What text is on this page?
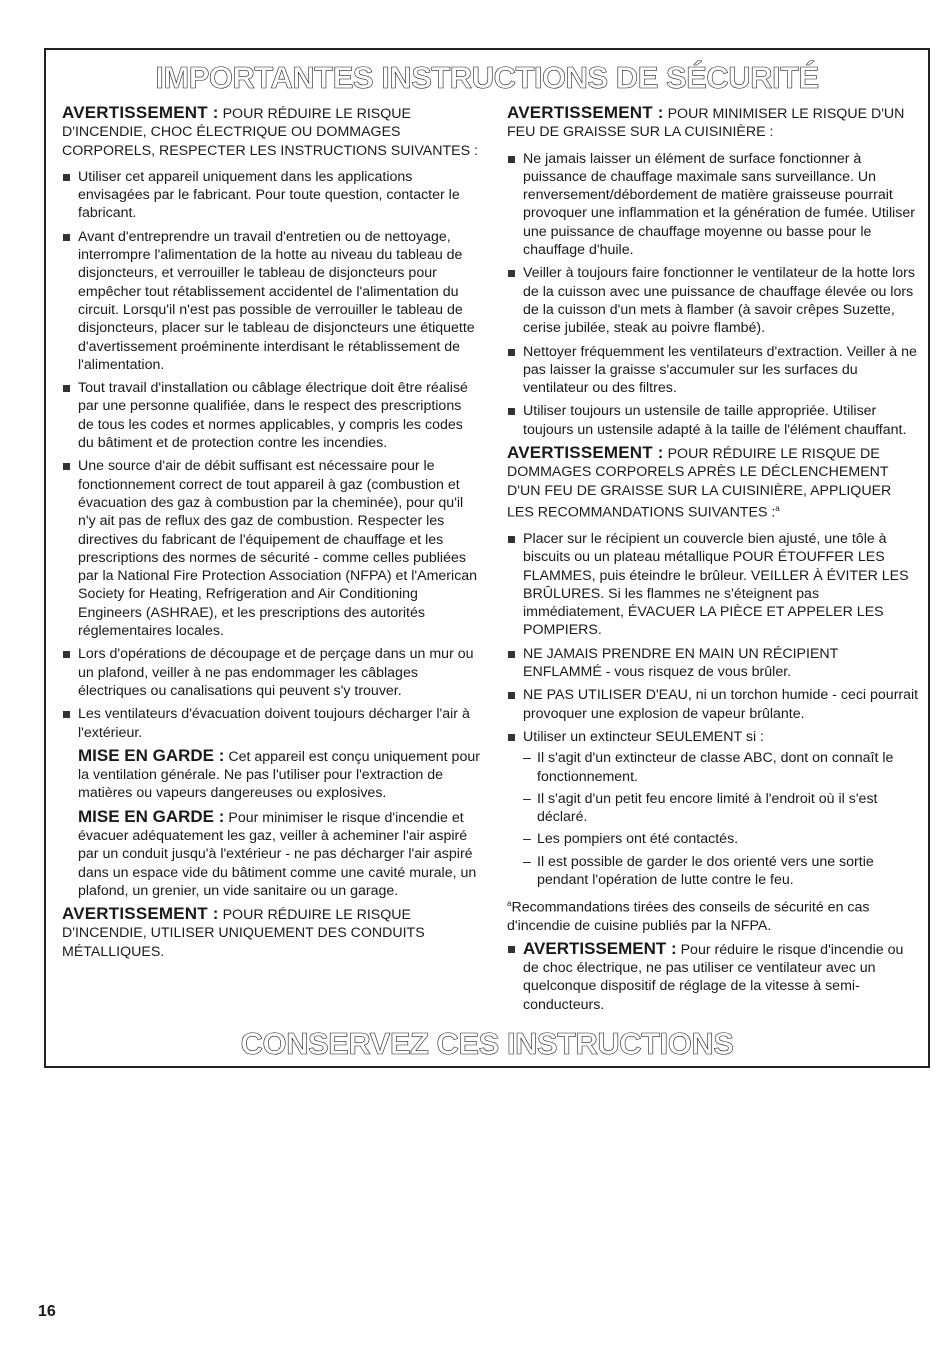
IMPORTANTES INSTRUCTIONS DE SÉCURITÉ
AVERTISSEMENT : POUR RÉDUIRE LE RISQUE D'INCENDIE, CHOC ÉLECTRIQUE OU DOMMAGES CORPORELS, RESPECTER LES INSTRUCTIONS SUIVANTES :
Utiliser cet appareil uniquement dans les applications envisagées par le fabricant. Pour toute question, contacter le fabricant.
Avant d'entreprendre un travail d'entretien ou de nettoyage, interrompre l'alimentation de la hotte au niveau du tableau de disjoncteurs, et verrouiller le tableau de disjoncteurs pour empêcher tout rétablissement accidentel de l'alimentation du circuit. Lorsqu'il n'est pas possible de verrouiller le tableau de disjoncteurs, placer sur le tableau de disjoncteurs une étiquette d'avertissement proéminente interdisant le rétablissement de l'alimentation.
Tout travail d'installation ou câblage électrique doit être réalisé par une personne qualifiée, dans le respect des prescriptions de tous les codes et normes applicables, y compris les codes du bâtiment et de protection contre les incendies.
Une source d'air de débit suffisant est nécessaire pour le fonctionnement correct de tout appareil à gaz (combustion et évacuation des gaz à combustion par la cheminée), pour qu'il n'y ait pas de reflux des gaz de combustion. Respecter les directives du fabricant de l'équipement de chauffage et les prescriptions des normes de sécurité - comme celles publiées par la National Fire Protection Association (NFPA) et l'American Society for Heating, Refrigeration and Air Conditioning Engineers (ASHRAE), et les prescriptions des autorités réglementaires locales.
Lors d'opérations de découpage et de perçage dans un mur ou un plafond, veiller à ne pas endommager les câblages électriques ou canalisations qui peuvent s'y trouver.
Les ventilateurs d'évacuation doivent toujours décharger l'air à l'extérieur.
MISE EN GARDE : Cet appareil est conçu uniquement pour la ventilation générale. Ne pas l'utiliser pour l'extraction de matières ou vapeurs dangereuses ou explosives.
MISE EN GARDE : Pour minimiser le risque d'incendie et évacuer adéquatement les gaz, veiller à acheminer l'air aspiré par un conduit jusqu'à l'extérieur - ne pas décharger l'air aspiré dans un espace vide du bâtiment comme une cavité murale, un plafond, un grenier, un vide sanitaire ou un garage.
AVERTISSEMENT : POUR RÉDUIRE LE RISQUE D'INCENDIE, UTILISER UNIQUEMENT DES CONDUITS MÉTALLIQUES.
AVERTISSEMENT : POUR MINIMISER LE RISQUE D'UN FEU DE GRAISSE SUR LA CUISINIÈRE :
Ne jamais laisser un élément de surface fonctionner à puissance de chauffage maximale sans surveillance. Un renversement/débordement de matière graisseuse pourrait provoquer une inflammation et la génération de fumée. Utiliser une puissance de chauffage moyenne ou basse pour le chauffage d'huile.
Veiller à toujours faire fonctionner le ventilateur de la hotte lors de la cuisson avec une puissance de chauffage élevée ou lors de la cuisson d'un mets à flamber (à savoir crêpes Suzette, cerise jubilée, steak au poivre flambé).
Nettoyer fréquemment les ventilateurs d'extraction. Veiller à ne pas laisser la graisse s'accumuler sur les surfaces du ventilateur ou des filtres.
Utiliser toujours un ustensile de taille appropriée. Utiliser toujours un ustensile adapté à la taille de l'élément chauffant.
AVERTISSEMENT : POUR RÉDUIRE LE RISQUE DE DOMMAGES CORPORELS APRÈS LE DÉCLENCHEMENT D'UN FEU DE GRAISSE SUR LA CUISINIÈRE, APPLIQUER LES RECOMMANDATIONS SUIVANTES :$^a$
Placer sur le récipient un couvercle bien ajusté, une tôle à biscuits ou un plateau métallique POUR ÉTOUFFER LES FLAMMES, puis éteindre le brûleur. VEILLER À ÉVITER LES BRÛLURES. Si les flammes ne s'éteignent pas immédiatement, ÉVACUER LA PIÈCE ET APPELER LES POMPIERS.
NE JAMAIS PRENDRE EN MAIN UN RÉCIPIENT ENFLAMMÉ - vous risquez de vous brûler.
NE PAS UTILISER D'EAU, ni un torchon humide - ceci pourrait provoquer une explosion de vapeur brûlante.
Utiliser un extincteur SEULEMENT si :
– Il s'agit d'un extincteur de classe ABC, dont on connaît le fonctionnement.
– Il s'agit d'un petit feu encore limité à l'endroit où il s'est déclaré.
– Les pompiers ont été contactés.
– Il est possible de garder le dos orienté vers une sortie pendant l'opération de lutte contre le feu.
$^a$Recommandations tirées des conseils de sécurité en cas d'incendie de cuisine publiés par la NFPA.
AVERTISSEMENT : Pour réduire le risque d'incendie ou de choc électrique, ne pas utiliser ce ventilateur avec un quelconque dispositif de réglage de la vitesse à semi-conducteurs.
CONSERVEZ CES INSTRUCTIONS
16
